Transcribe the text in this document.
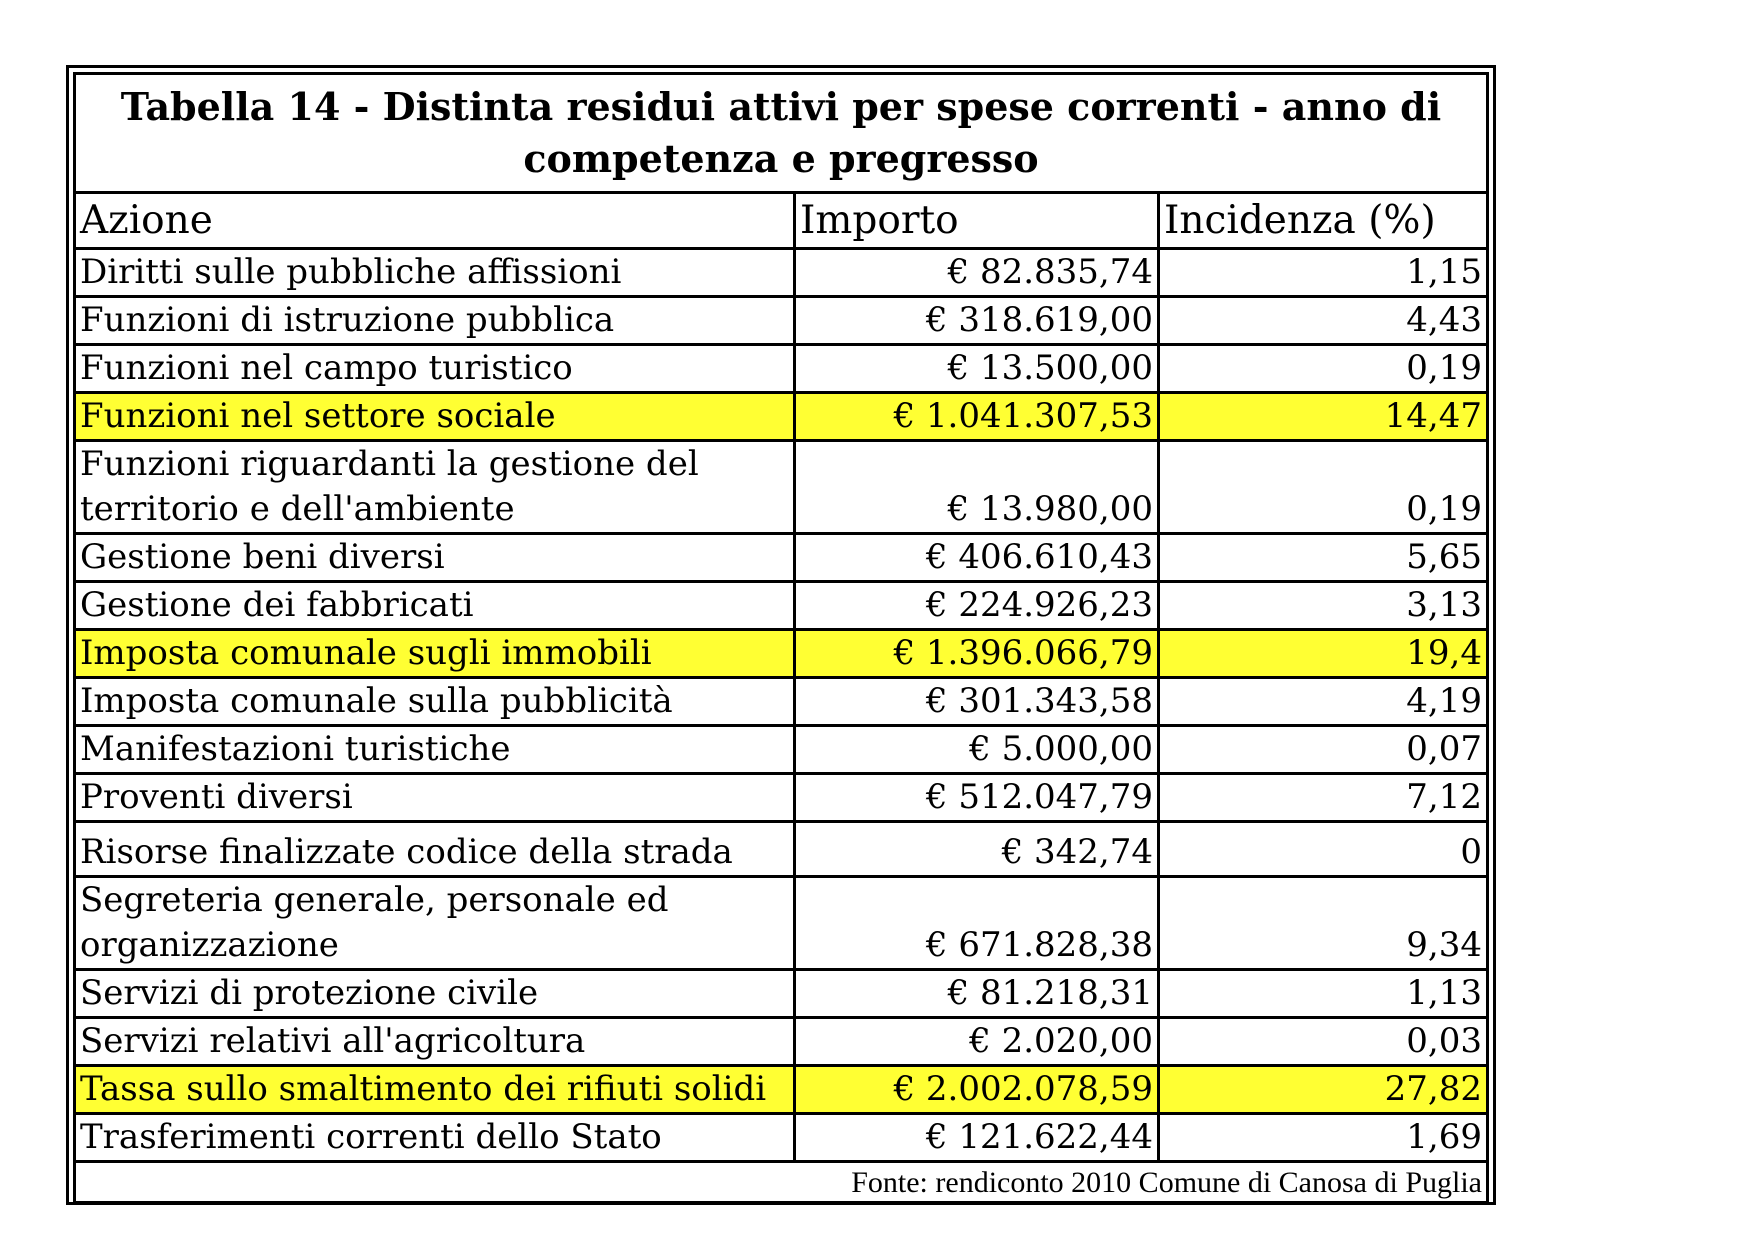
Tabella 14 - Distinta residui attivi per spese correnti - anno di competenza e pregresso		
Azione	Importo	Incidenza (%)
Diritti sulle pubbliche affissioni	€ 82.835,74	1,15
Funzioni di istruzione pubblica	€ 318.619,00	4,43
Funzioni nel campo turistico	€ 13.500,00	0,19
Funzioni nel settore sociale	€ 1.041.307,53	14,47
Funzioni riguardanti la gestione del territorio e dell'ambiente	€ 13.980,00	0,19
Gestione beni diversi	€ 406.610,43	5,65
Gestione dei fabbricati	€ 224.926,23	3,13
Imposta comunale sugli immobili	€ 1.396.066,79	19,4
Imposta comunale sulla pubblicità	€ 301.343,58	4,19
Manifestazioni turistiche	€ 5.000,00	0,07
Proventi diversi	€ 512.047,79	7,12
Risorse finalizzate codice della strada	€ 342,74	0
Segreteria generale, personale ed organizzazione	€ 671.828,38	9,34
Servizi di protezione civile	€ 81.218,31	1,13
Servizi relativi all'agricoltura	€ 2.020,00	0,03
Tassa sullo smaltimento dei rifiuti solidi	€ 2.002.078,59	27,82
Trasferimenti correnti dello Stato	€ 121.622,44	1,69
Fonte: rendiconto 2010 Comune di Canosa di Puglia		
